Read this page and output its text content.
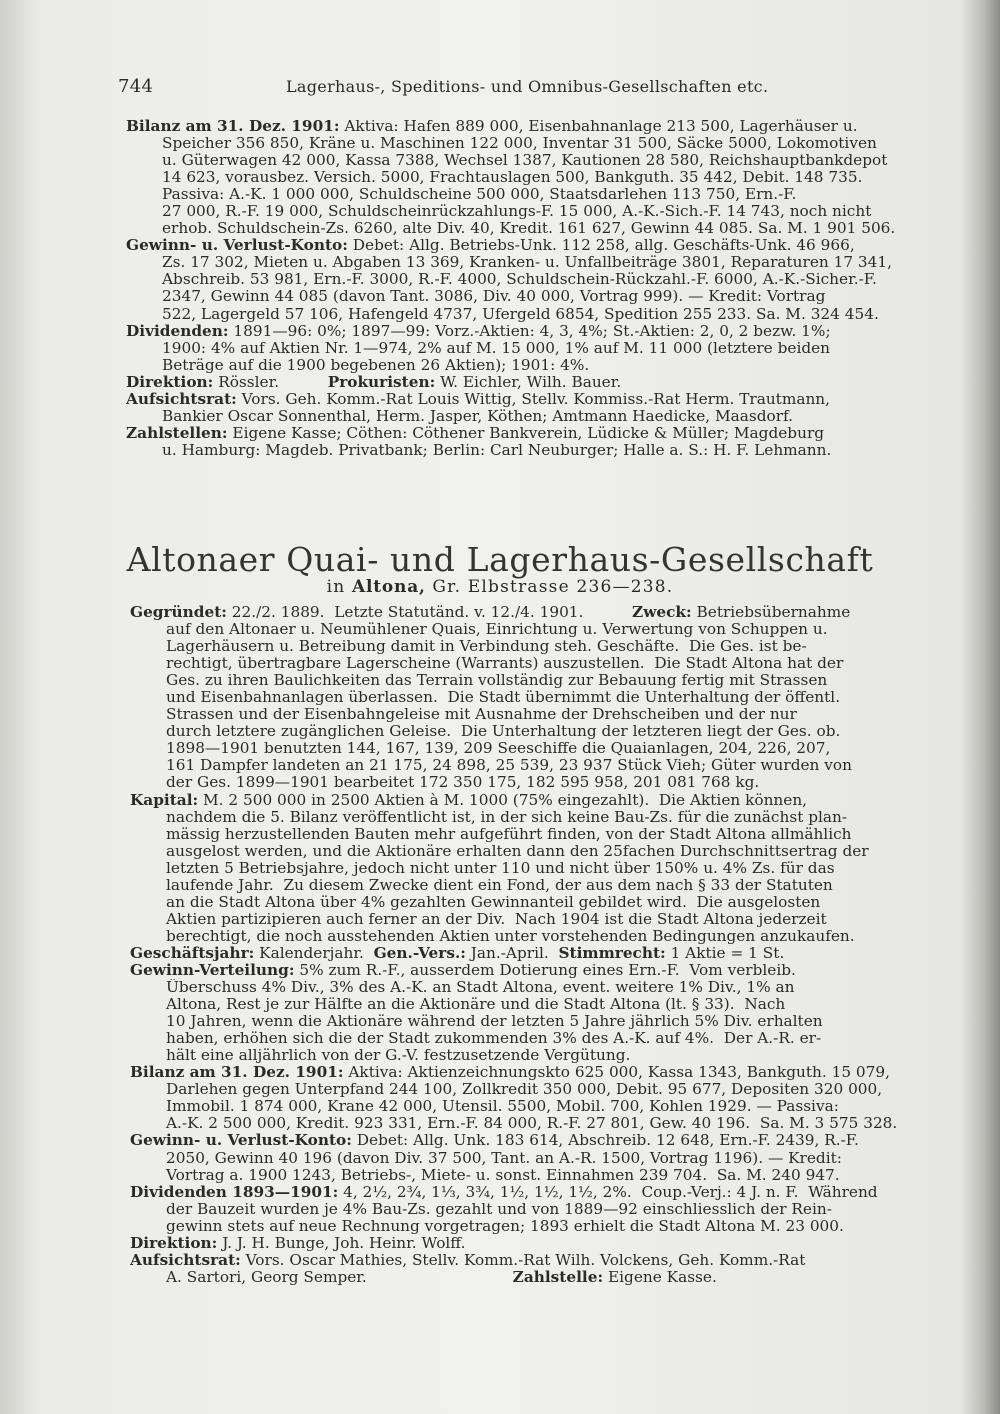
744	Lagerhaus-, Speditions- und Omnibus-Gesellschaften etc.
Bilanz am 31. Dez. 1901: Aktiva: Hafen 889 000, Eisenbahnanlage 213 500, Lagerhäuser u.
Speicher 356 850, Kräne u. Maschinen 122 000, Inventar 31 500, Säcke 5000, Lokomotiven
u. Güterwagen 42 000, Kassa 7388, Wechsel 1387, Kautionen 28 580, Reichshauptbankdepot
14 623, vorausbez. Versich. 5000, Frachtauslagen 500, Bankguth. 35 442, Debit. 148 735.
Passiva: A.-K. 1 000 000, Schuldscheine 500 000, Staatsdarlehen 113 750, Ern.-F.
27 000, R.-F. 19 000, Schuldscheinrückzahlungs-F. 15 000, A.-K.-Sich.-F. 14 743, noch nicht
erhob. Schuldschein-Zs. 6260, alte Div. 40, Kredit. 161 627, Gewinn 44 085. Sa. M. 1 901 506.
Gewinn- u. Verlust-Konto: Debet: Allg. Betriebs-Unk. 112 258, allg. Geschäfts-Unk. 46 966,
Zs. 17 302, Mieten u. Abgaben 13 369, Kranken- u. Unfallbeiträge 3801, Reparaturen 17 341,
Abschreib. 53 981, Ern.-F. 3000, R.-F. 4000, Schuldschein-Rückzahl.-F. 6000, A.-K.-Sicher.-F.
2347, Gewinn 44 085 (davon Tant. 3086, Div. 40 000, Vortrag 999). — Kredit: Vortrag
522, Lagergeld 57 106, Hafengeld 4737, Ufergeld 6854, Spedition 255 233. Sa. M. 324 454.
Dividenden: 1891—96: 0%; 1897—99: Vorz.-Aktien: 4, 3, 4%; St.-Aktien: 2, 0, 2 bezw. 1%;
1900: 4% auf Aktien Nr. 1—974, 2% auf M. 15 000, 1% auf M. 11 000 (letztere beiden
Beträge auf die 1900 begebenen 26 Aktien); 1901: 4%.
Direktion: Rössler.          Prokuristen: W. Eichler, Wilh. Bauer.
Aufsichtsrat: Vors. Geh. Komm.-Rat Louis Wittig, Stellv. Kommiss.-Rat Herm. Trautmann,
Bankier Oscar Sonnenthal, Herm. Jasper, Köthen; Amtmann Haedicke, Maasdorf.
Zahlstellen: Eigene Kasse; Cöthen: Cöthener Bankverein, Lüdicke & Müller; Magdeburg
u. Hamburg: Magdeb. Privatbank; Berlin: Carl Neuburger; Halle a. S.: H. F. Lehmann.
Altonaer Quai- und Lagerhaus-Gesellschaft
in Altona, Gr. Elbstrasse 236—238.
Gegründet: 22./2. 1889.  Letzte Statutänd. v. 12./4. 1901.          Zweck: Betriebsübernahme
auf den Altonaer u. Neumühlener Quais, Einrichtung u. Verwertung von Schuppen u.
Lagerhäusern u. Betreibung damit in Verbindung steh. Geschäfte.  Die Ges. ist be-
rechtigt, übertragbare Lagerscheine (Warrants) auszustellen.  Die Stadt Altona hat der
Ges. zu ihren Baulichkeiten das Terrain vollständig zur Bebauung fertig mit Strassen
und Eisenbahnanlagen überlassen.  Die Stadt übernimmt die Unterhaltung der öffentl.
Strassen und der Eisenbahngeleise mit Ausnahme der Drehscheiben und der nur
durch letztere zugänglichen Geleise.  Die Unterhaltung der letzteren liegt der Ges. ob.
1898—1901 benutzten 144, 167, 139, 209 Seeschiffe die Quaianlagen, 204, 226, 207,
161 Dampfer landeten an 21 175, 24 898, 25 539, 23 937 Stück Vieh; Güter wurden von
der Ges. 1899—1901 bearbeitet 172 350 175, 182 595 958, 201 081 768 kg.
Kapital: M. 2 500 000 in 2500 Aktien à M. 1000 (75% eingezahlt).  Die Aktien können,
nachdem die 5. Bilanz veröffentlicht ist, in der sich keine Bau-Zs. für die zunächst plan-
mässig herzustellenden Bauten mehr aufgeführt finden, von der Stadt Altona allmählich
ausgelost werden, und die Aktionäre erhalten dann den 25fachen Durchschnittsertrag der
letzten 5 Betriebsjahre, jedoch nicht unter 110 und nicht über 150% u. 4% Zs. für das
laufende Jahr.  Zu diesem Zwecke dient ein Fond, der aus dem nach § 33 der Statuten
an die Stadt Altona über 4% gezahlten Gewinnanteil gebildet wird.  Die ausgelosten
Aktien partizipieren auch ferner an der Div.  Nach 1904 ist die Stadt Altona jederzeit
berechtigt, die noch ausstehenden Aktien unter vorstehenden Bedingungen anzukaufen.
Geschäftsjahr: Kalenderjahr.  Gen.-Vers.: Jan.-April.  Stimmrecht: 1 Aktie = 1 St.
Gewinn-Verteilung: 5% zum R.-F., ausserdem Dotierung eines Ern.-F.  Vom verbleib.
Überschuss 4% Div., 3% des A.-K. an Stadt Altona, event. weitere 1% Div., 1% an
Altona, Rest je zur Hälfte an die Aktionäre und die Stadt Altona (lt. § 33).  Nach
10 Jahren, wenn die Aktionäre während der letzten 5 Jahre jährlich 5% Div. erhalten
haben, erhöhen sich die der Stadt zukommenden 3% des A.-K. auf 4%.  Der A.-R. er-
hält eine alljährlich von der G.-V. festzusetzende Vergütung.
Bilanz am 31. Dez. 1901: Aktiva: Aktienzeichnungskto 625 000, Kassa 1343, Bankguth. 15 079,
Darlehen gegen Unterpfand 244 100, Zollkredit 350 000, Debit. 95 677, Depositen 320 000,
Immobil. 1 874 000, Krane 42 000, Utensil. 5500, Mobil. 700, Kohlen 1929. — Passiva:
A.-K. 2 500 000, Kredit. 923 331, Ern.-F. 84 000, R.-F. 27 801, Gew. 40 196.  Sa. M. 3 575 328.
Gewinn- u. Verlust-Konto: Debet: Allg. Unk. 183 614, Abschreib. 12 648, Ern.-F. 2439, R.-F.
2050, Gewinn 40 196 (davon Div. 37 500, Tant. an A.-R. 1500, Vortrag 1196). — Kredit:
Vortrag a. 1900 1243, Betriebs-, Miete- u. sonst. Einnahmen 239 704.  Sa. M. 240 947.
Dividenden 1893—1901: 4, 2½, 2¾, 1⅓, 3¾, 1½, 1½, 1½, 2%.  Coup.-Verj.: 4 J. n. F.  Während
der Bauzeit wurden je 4% Bau-Zs. gezahlt und von 1889—92 einschliesslich der Rein-
gewinn stets auf neue Rechnung vorgetragen; 1893 erhielt die Stadt Altona M. 23 000.
Direktion: J. J. H. Bunge, Joh. Heinr. Wolff.
Aufsichtsrat: Vors. Oscar Mathies, Stellv. Komm.-Rat Wilh. Volckens, Geh. Komm.-Rat
A. Sartori, Georg Semper.                              Zahlstelle: Eigene Kasse.
